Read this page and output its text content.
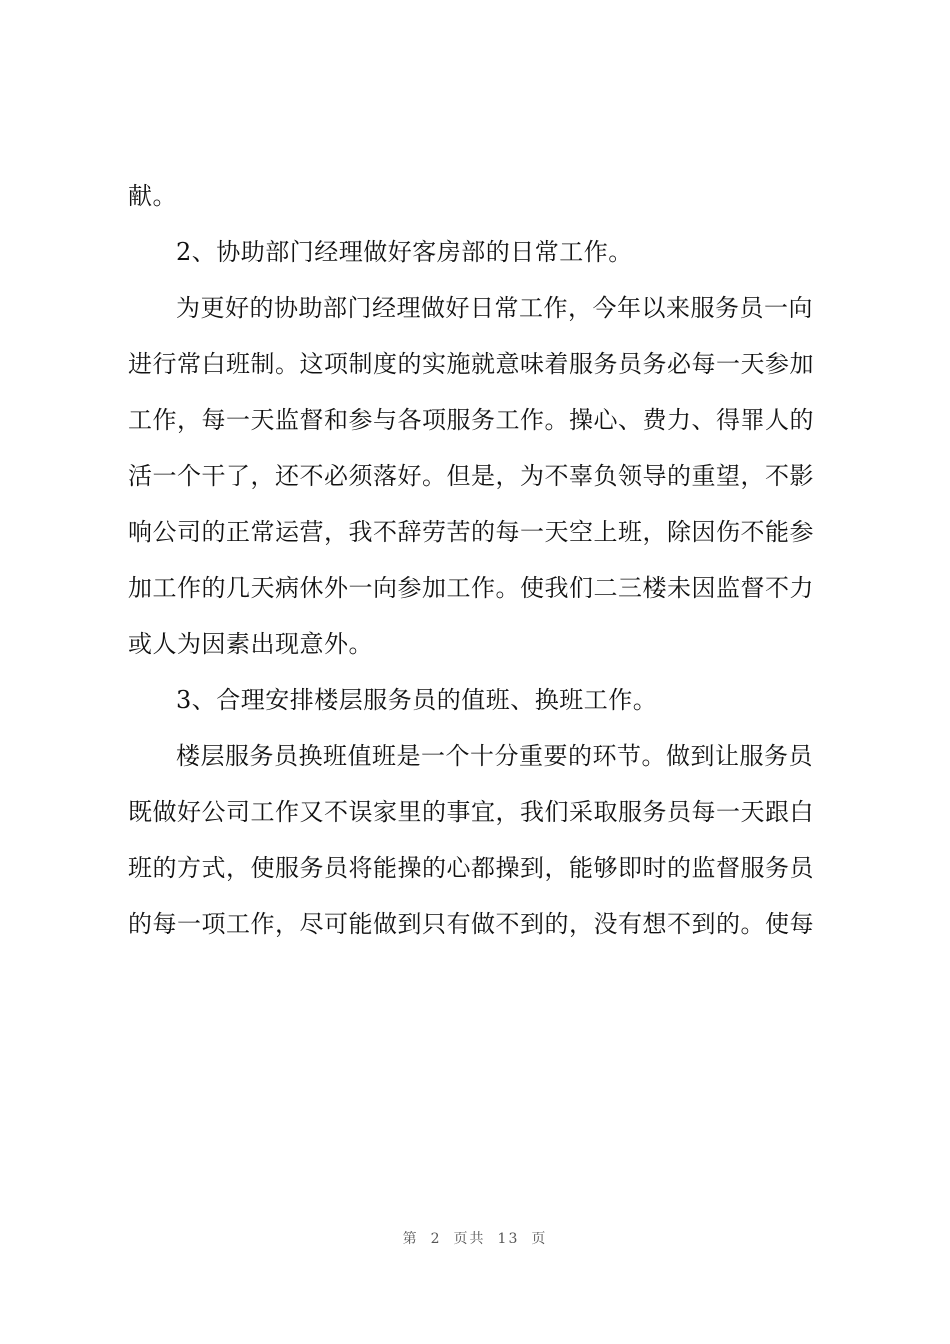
献。
2、协助部门经理做好客房部的日常工作。
为更好的协助部门经理做好日常工作，今年以来服务员一向
进行常白班制。这项制度的实施就意味着服务员务必每一天参加
工作，每一天监督和参与各项服务工作。操心、费力、得罪人的
活一个干了，还不必须落好。但是，为不辜负领导的重望，不影
响公司的正常运营，我不辞劳苦的每一天空上班，除因伤不能参
加工作的几天病休外一向参加工作。使我们二三楼未因监督不力
或人为因素出现意外。
3、合理安排楼层服务员的值班、换班工作。
楼层服务员换班值班是一个十分重要的环节。做到让服务员
既做好公司工作又不误家里的事宜，我们采取服务员每一天跟白
班的方式，使服务员将能操的心都操到，能够即时的监督服务员
的每一项工作，尽可能做到只有做不到的，没有想不到的。使每
第 2 页共 13 页
